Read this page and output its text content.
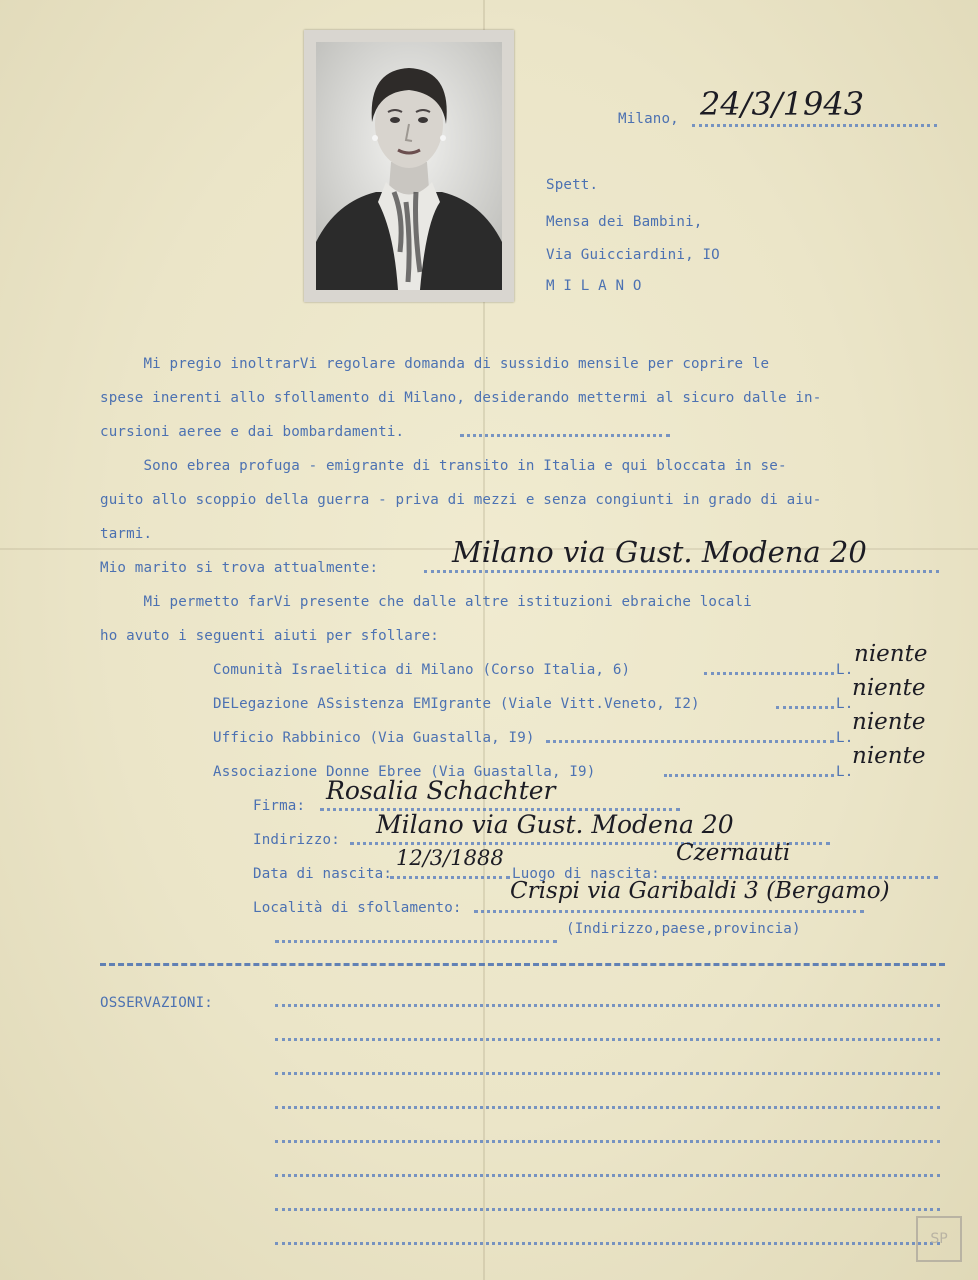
Milano, 24/3/1943
Spett.
Mensa dei Bambini,
Via Guicciardini, IO
M I L A N O
Mi pregio inoltrarVi regolare domanda di sussidio mensile per coprire le
spese inerenti allo sfollamento di Milano, desiderando mettermi al sicuro dalle in-
cursioni aeree e dai bombardamenti.
Sono ebrea profuga - emigrante di transito in Italia e qui bloccata in se-
guito allo scoppio della guerra - priva di mezzi e senza congiunti in grado di aiu-
tarmi.
Mio marito si trova attualmente:	Milano via Gust. Modena 20
Mi permetto farVi presente che dalle altre istituzioni ebraiche locali
ho avuto i seguenti aiuti per sfollare:
Comunità Israelitica di Milano (Corso Italia, 6)	L.
niente
DELegazione ASsistenza EMIgrante (Viale Vitt.Veneto, I2)	L.
niente
Ufficio Rabbinico (Via Guastalla, I9)	L.
niente
Associazione Donne Ebree (Via Guastalla, I9)	L.
niente
Firma:
Rosalia Schachter
Indirizzo:
Milano via Gust. Modena 20
Data di nascita:
12/3/1888
Luogo di nascita:
Czernauti
Località di sfollamento:
Crispi via Garibaldi 3 (Bergamo)
(Indirizzo,paese,provincia)
OSSERVAZIONI:
SP
